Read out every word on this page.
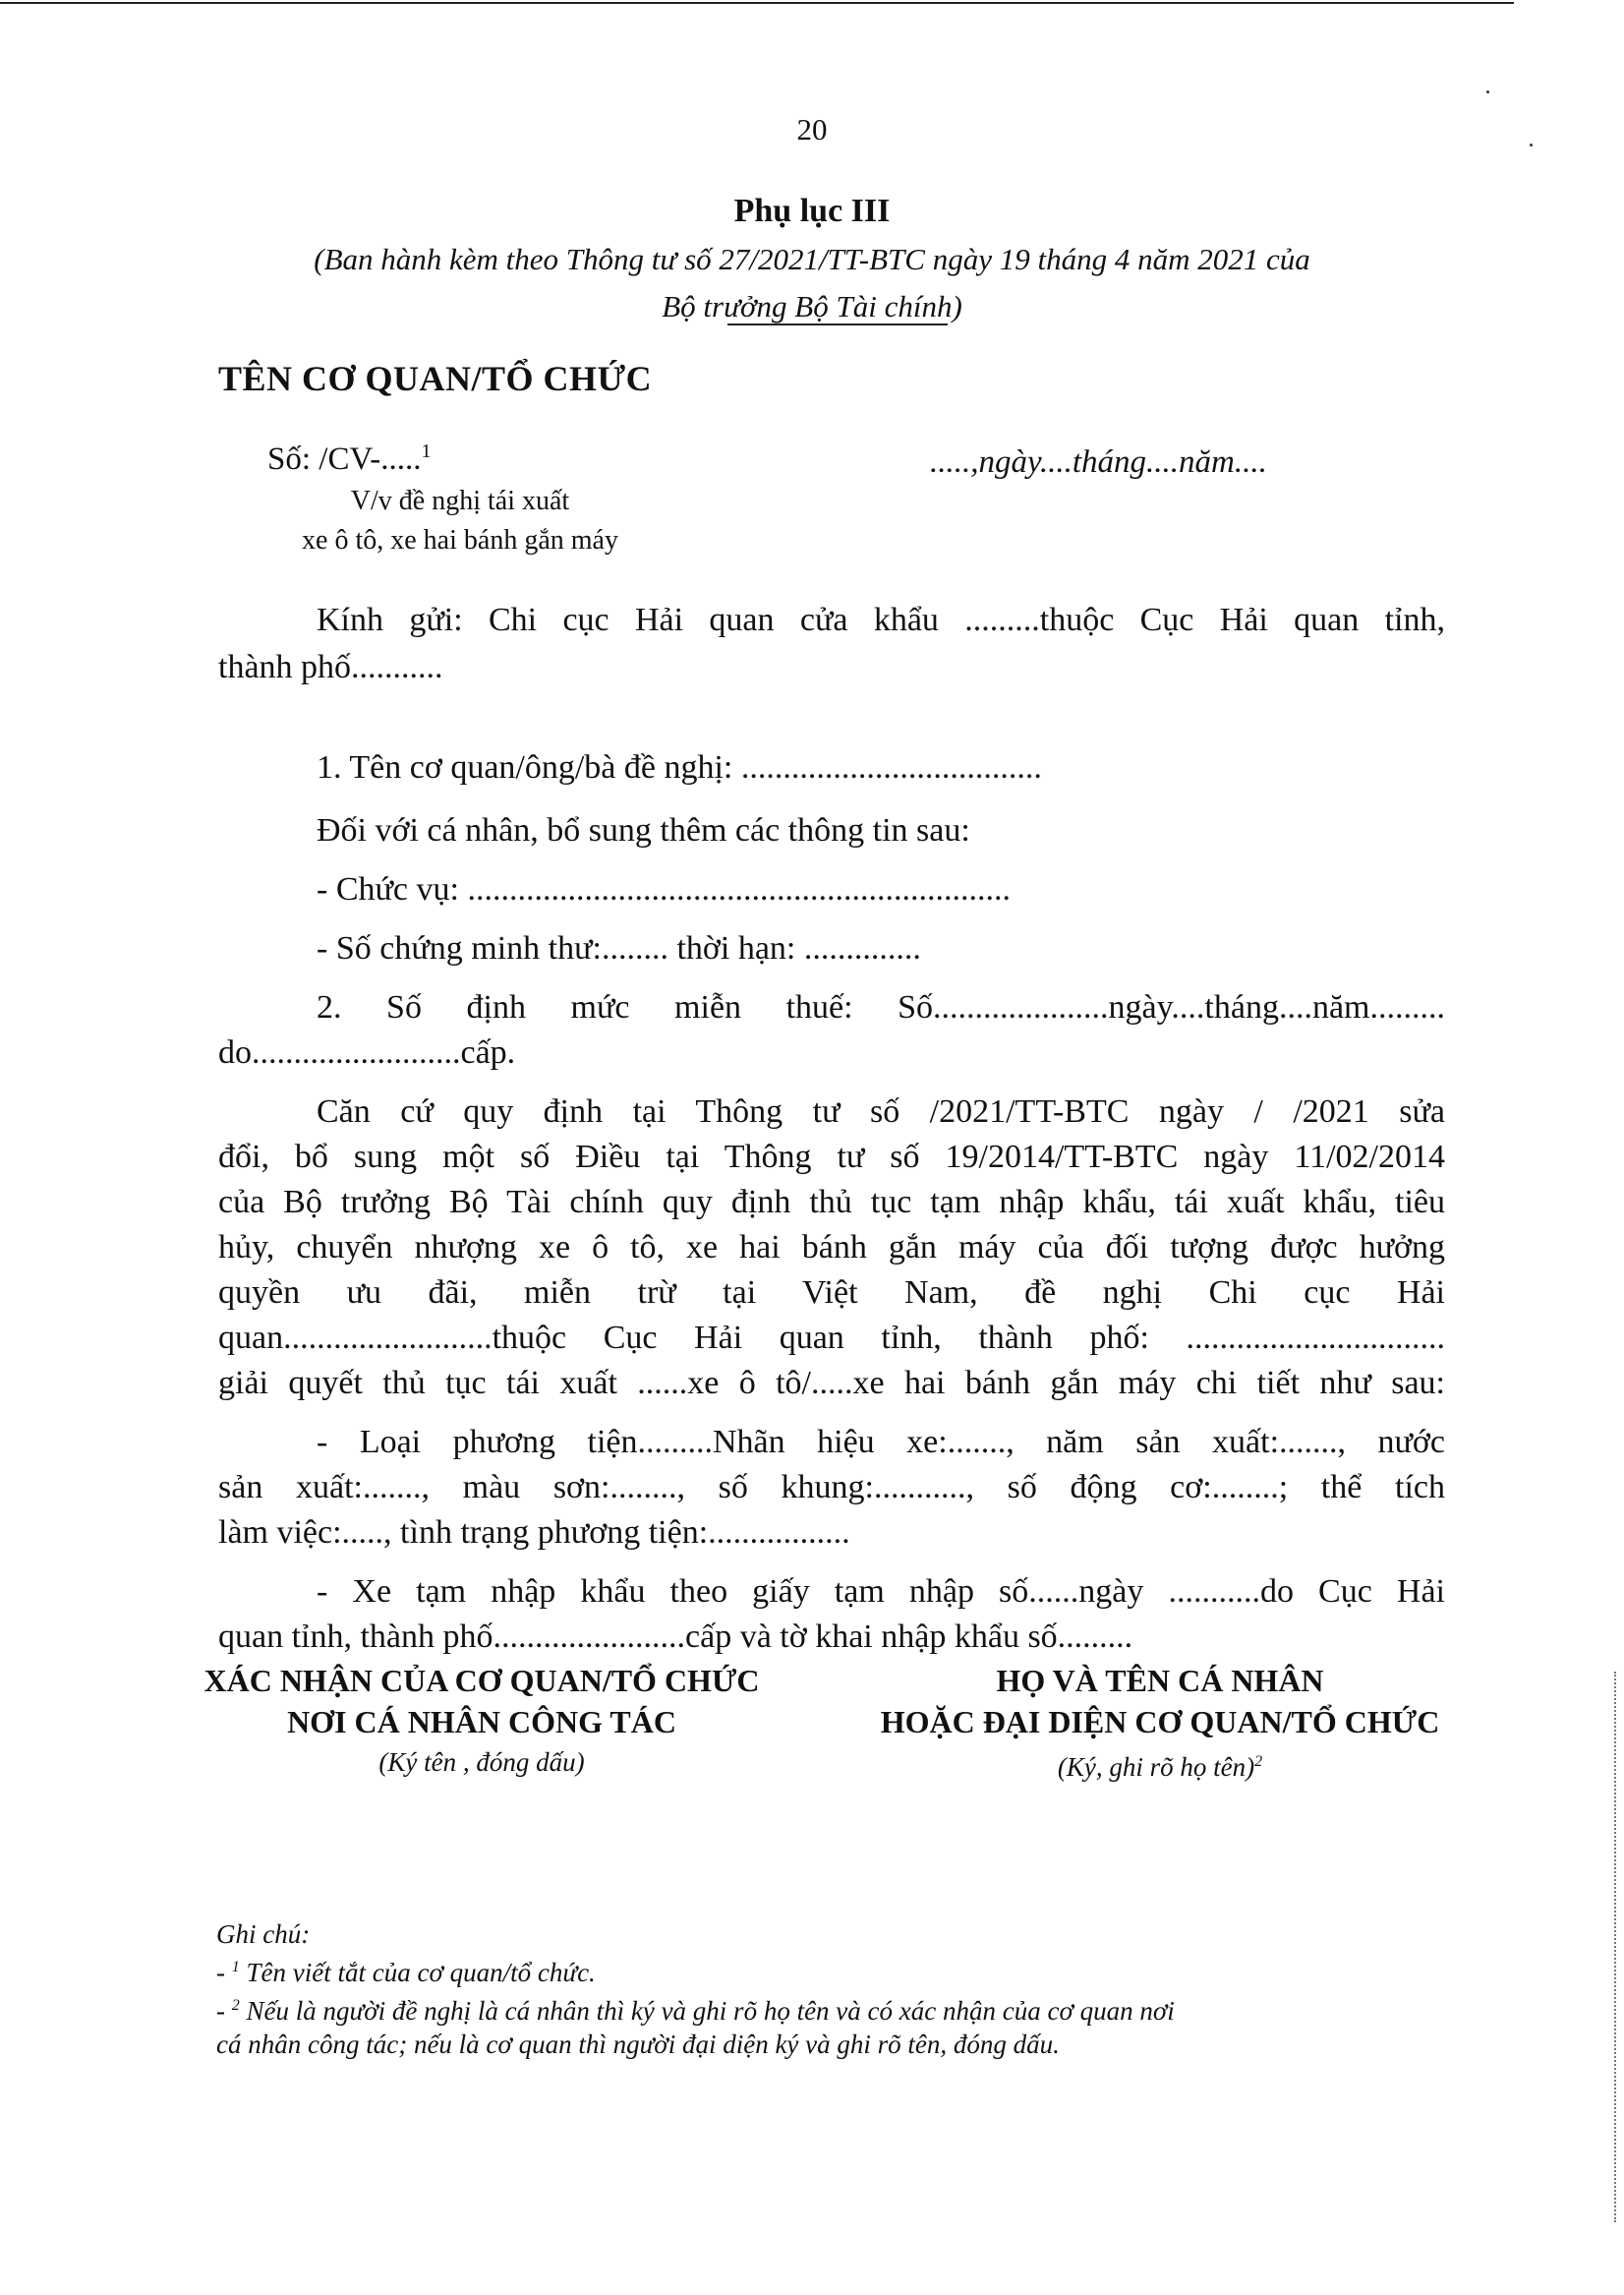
20
Phụ lục III
(Ban hành kèm theo Thông tư số 27/2021/TT-BTC ngày 19 tháng 4 năm 2021 của
Bộ trưởng Bộ Tài chính)
TÊN CƠ QUAN/TỔ CHỨC
Số: /CV-.....$^1$
V/v đề nghị tái xuất
xe ô tô, xe hai bánh gắn máy
.....,ngày....tháng....năm....
Kính gửi: Chi cục Hải quan cửa khẩu .........thuộc Cục Hải quan tỉnh,
thành phố...........
1. Tên cơ quan/ông/bà đề nghị: ....................................
Đối với cá nhân, bổ sung thêm các thông tin sau:
- Chức vụ: .................................................................
- Số chứng minh thư:........ thời hạn: ..............
2. Số định mức miễn thuế: Số.....................ngày....tháng....năm.........
do.........................cấp.
Căn cứ quy định tại Thông tư số /2021/TT-BTC ngày / /2021 sửa
đổi, bổ sung một số Điều tại Thông tư số 19/2014/TT-BTC ngày 11/02/2014
của Bộ trưởng Bộ Tài chính quy định thủ tục tạm nhập khẩu, tái xuất khẩu, tiêu
hủy, chuyển nhượng xe ô tô, xe hai bánh gắn máy của đối tượng được hưởng
quyền ưu đãi, miễn trừ tại Việt Nam, đề nghị Chi cục Hải
quan.........................thuộc Cục Hải quan tỉnh, thành phố: ...............................
giải quyết thủ tục tái xuất ......xe ô tô/.....xe hai bánh gắn máy chi tiết như sau:
- Loại phương tiện.........Nhãn hiệu xe:......., năm sản xuất:......., nước
sản xuất:......., màu sơn:........, số khung:..........., số động cơ:........; thể tích
làm việc:....., tình trạng phương tiện:.................
- Xe tạm nhập khẩu theo giấy tạm nhập số......ngày ...........do Cục Hải
quan tỉnh, thành phố.......................cấp và tờ khai nhập khẩu số.........
XÁC NHẬN CỦA CƠ QUAN/TỔ CHỨC
NƠI CÁ NHÂN CÔNG TÁC
(Ký tên , đóng dấu)
HỌ VÀ TÊN CÁ NHÂN
HOẶC ĐẠI DIỆN CƠ QUAN/TỔ CHỨC
(Ký, ghi rõ họ tên)$^2$
Ghi chú:
- $^1$ Tên viết tắt của cơ quan/tổ chức.
- $^2$ Nếu là người đề nghị là cá nhân thì ký và ghi rõ họ tên và có xác nhận của cơ quan nơi
cá nhân công tác; nếu là cơ quan thì người đại diện ký và ghi rõ tên, đóng dấu.
